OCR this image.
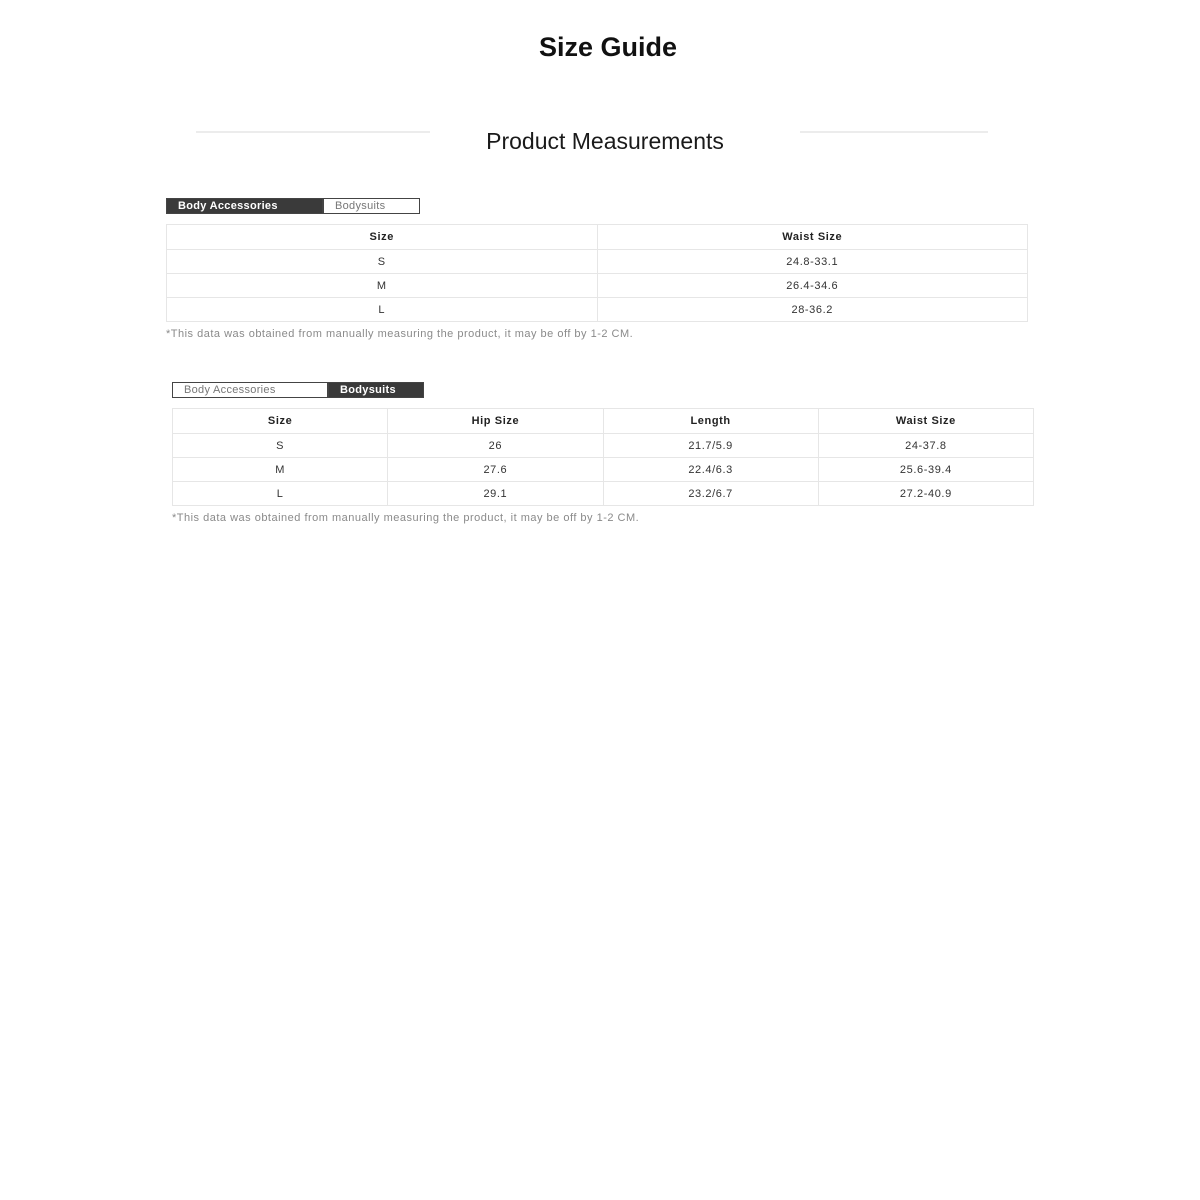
Size Guide
Product Measurements
Body Accessories	Bodysuits
Size	Waist Size
S	24.8-33.1
M	26.4-34.6
L	28-36.2
*This data was obtained from manually measuring the product, it may be off by 1-2 CM.
Body Accessories	Bodysuits
Size	Hip Size	Length	Waist Size
S	26	21.7/5.9	24-37.8
M	27.6	22.4/6.3	25.6-39.4
L	29.1	23.2/6.7	27.2-40.9
*This data was obtained from manually measuring the product, it may be off by 1-2 CM.
